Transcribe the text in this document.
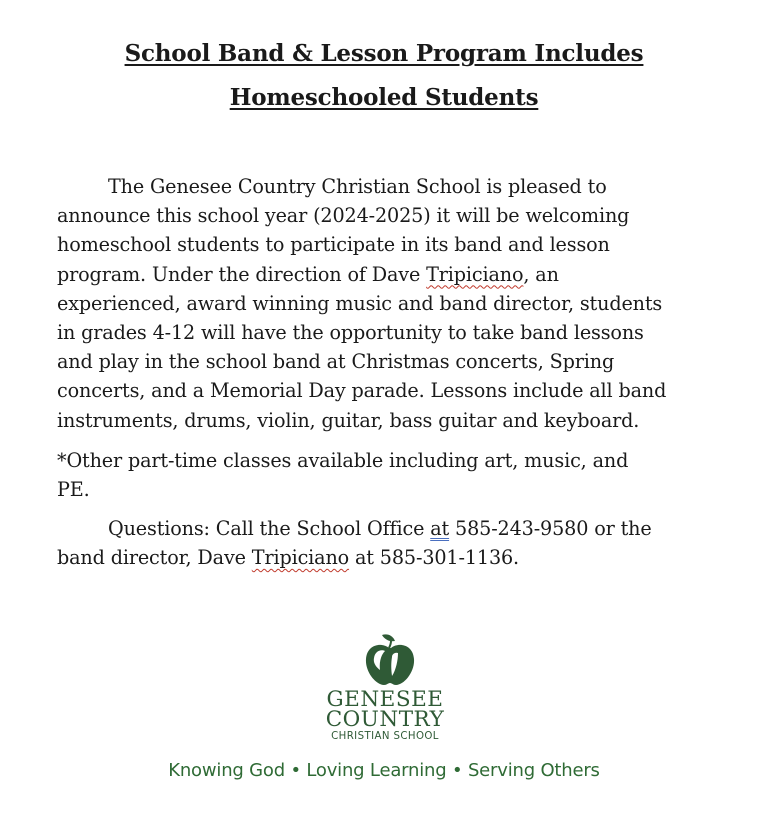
School Band & Lesson Program Includes

Homeschooled Students

The Genesee Country Christian School is pleased to
announce this school year (2024-2025) it will be welcoming
homeschool students to participate in its band and lesson
program. Under the direction of Dave Tripiciano, an
experienced, award winning music and band director, students
in grades 4-12 will have the opportunity to take band lessons
and play in the school band at Christmas concerts, Spring
concerts, and a Memorial Day parade. Lessons include all band
instruments, drums, violin, guitar, bass guitar and keyboard.
*Other part-time classes available including art, music, and
PE.
Questions: Call the School Office at 585-243-9580 or the
band director, Dave Tripiciano at 585-301-1136.

GENESEE

COUNTRY

CHRISTIAN SCHOOL

Knowing God • Loving Learning • Serving Others
